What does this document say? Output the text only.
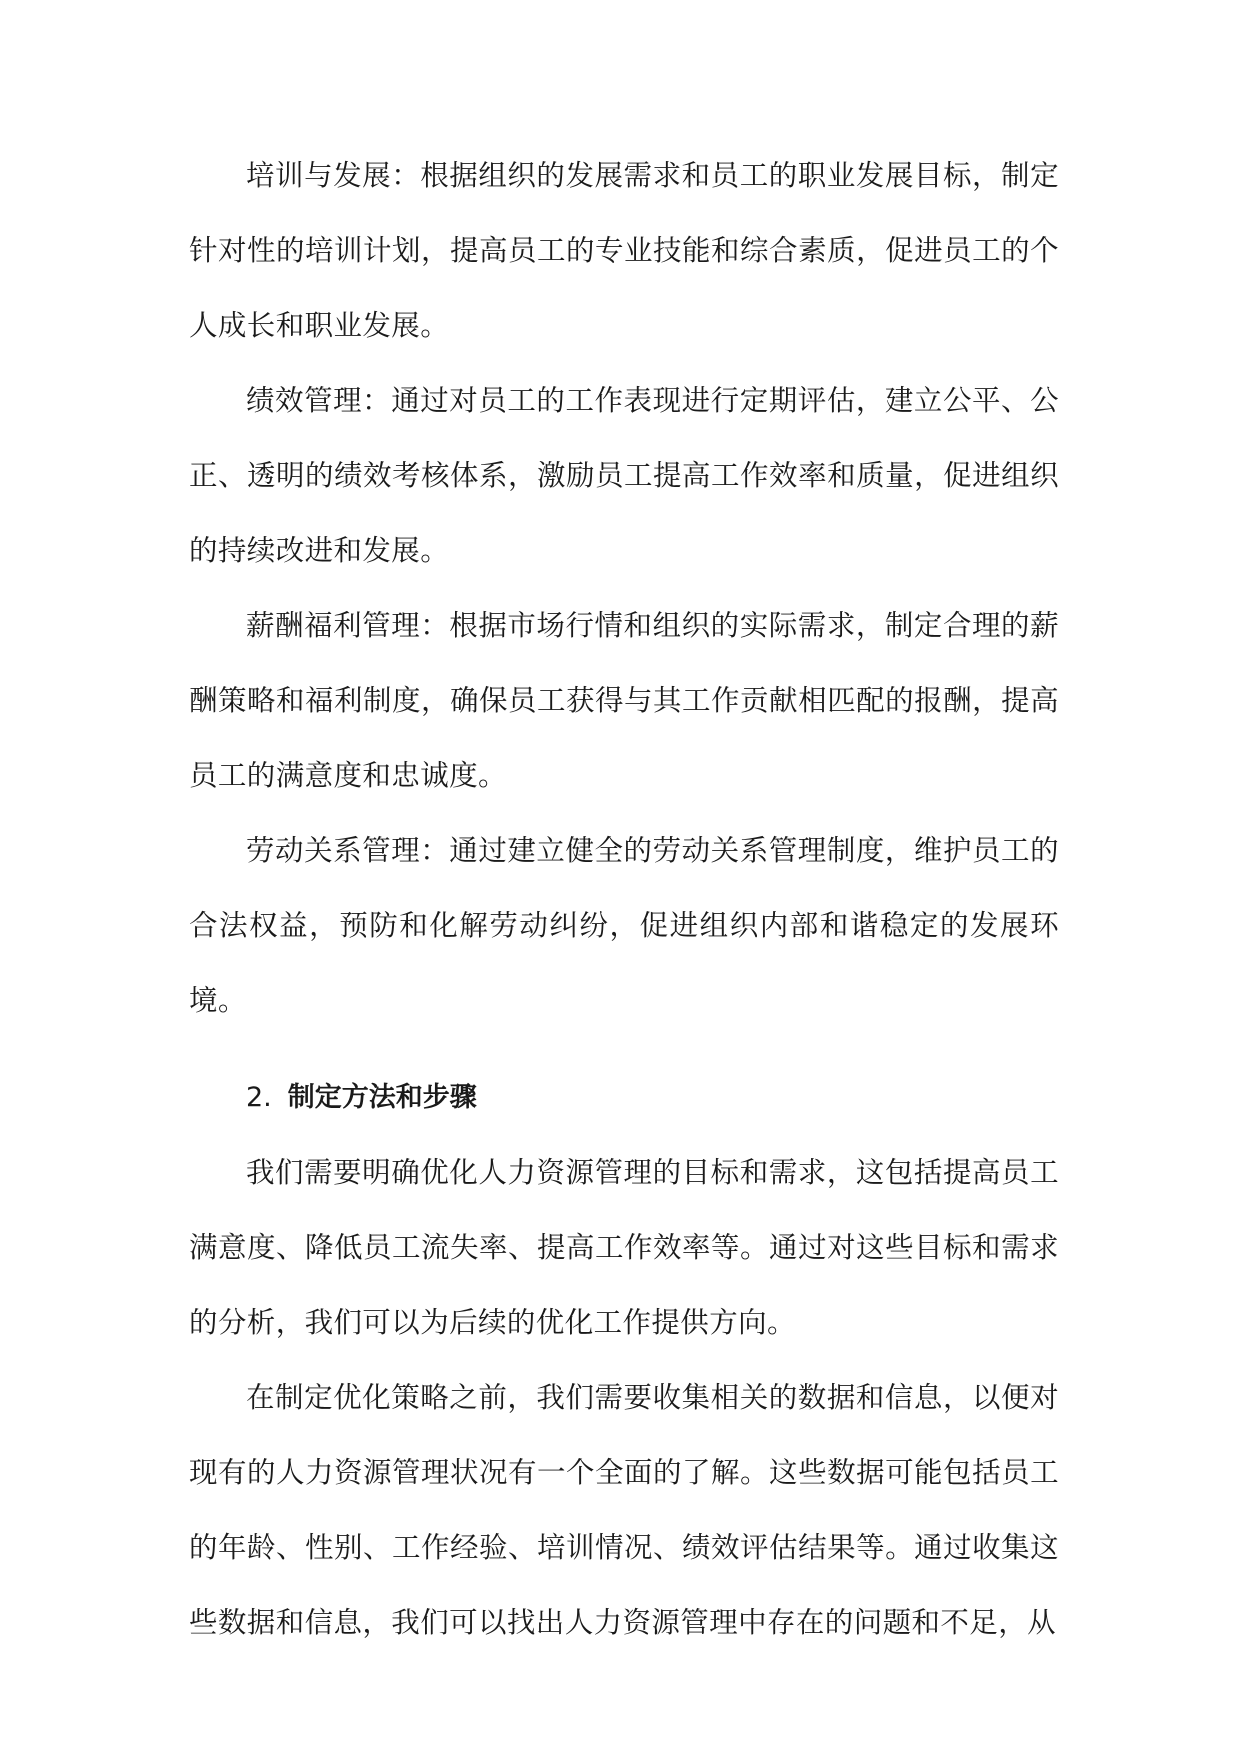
培训与发展：根据组织的发展需求和员工的职业发展目标，制定针对性的培训计划，提高员工的专业技能和综合素质，促进员工的个人成长和职业发展。

绩效管理：通过对员工的工作表现进行定期评估，建立公平、公正、透明的绩效考核体系，激励员工提高工作效率和质量，促进组织的持续改进和发展。

薪酬福利管理：根据市场行情和组织的实际需求，制定合理的薪酬策略和福利制度，确保员工获得与其工作贡献相匹配的报酬，提高员工的满意度和忠诚度。

劳动关系管理：通过建立健全的劳动关系管理制度，维护员工的合法权益，预防和化解劳动纠纷，促进组织内部和谐稳定的发展环境。

2. 制定方法和步骤

我们需要明确优化人力资源管理的目标和需求，这包括提高员工满意度、降低员工流失率、提高工作效率等。通过对这些目标和需求的分析，我们可以为后续的优化工作提供方向。

在制定优化策略之前，我们需要收集相关的数据和信息，以便对现有的人力资源管理状况有一个全面的了解。这些数据可能包括员工的年龄、性别、工作经验、培训情况、绩效评估结果等。通过收集这些数据和信息，我们可以找出人力资源管理中存在的问题和不足，从
